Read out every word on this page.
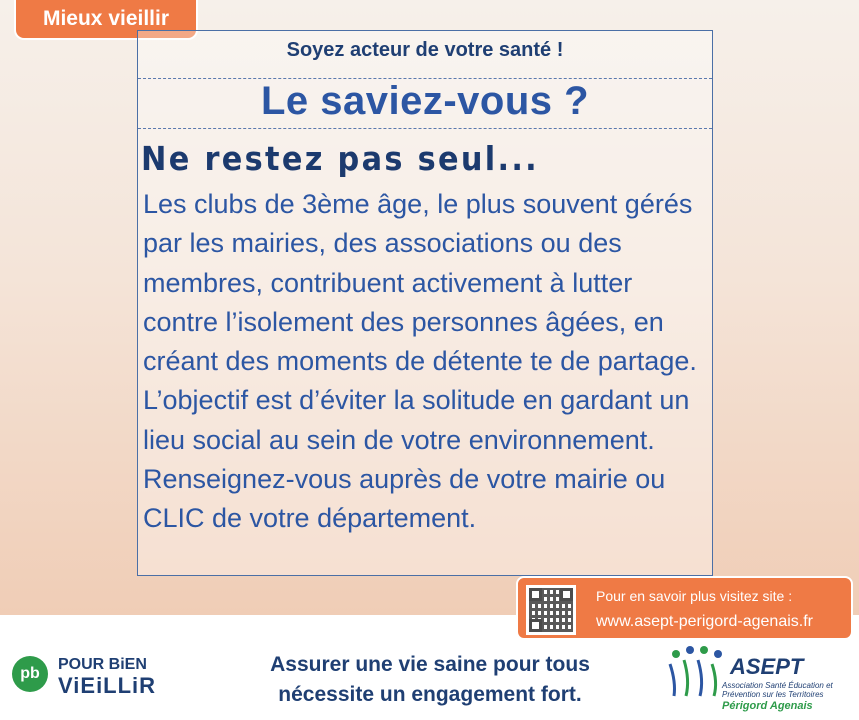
Mieux vieillir
Soyez acteur de votre santé !
Le saviez-vous ?
Ne restez pas seul...
Les clubs de 3ème âge, le plus souvent gérés par les mairies, des associations ou des membres, contribuent activement à lutter contre l’isolement des personnes âgées, en créant des moments de détente te de partage. L’objectif est d’éviter la solitude en gardant un lieu social au sein de votre environnement. Renseignez-vous auprès de votre mairie ou CLIC de votre département.
Pour en savoir plus visitez site :
www.asept-perigord-agenais.fr
pb
POUR BiEN
ViEiLLiR
Assurer une vie saine pour tous
nécessite un engagement fort.
ASEPT
Association Santé Éducation et Prévention sur les Territoires
Périgord Agenais
